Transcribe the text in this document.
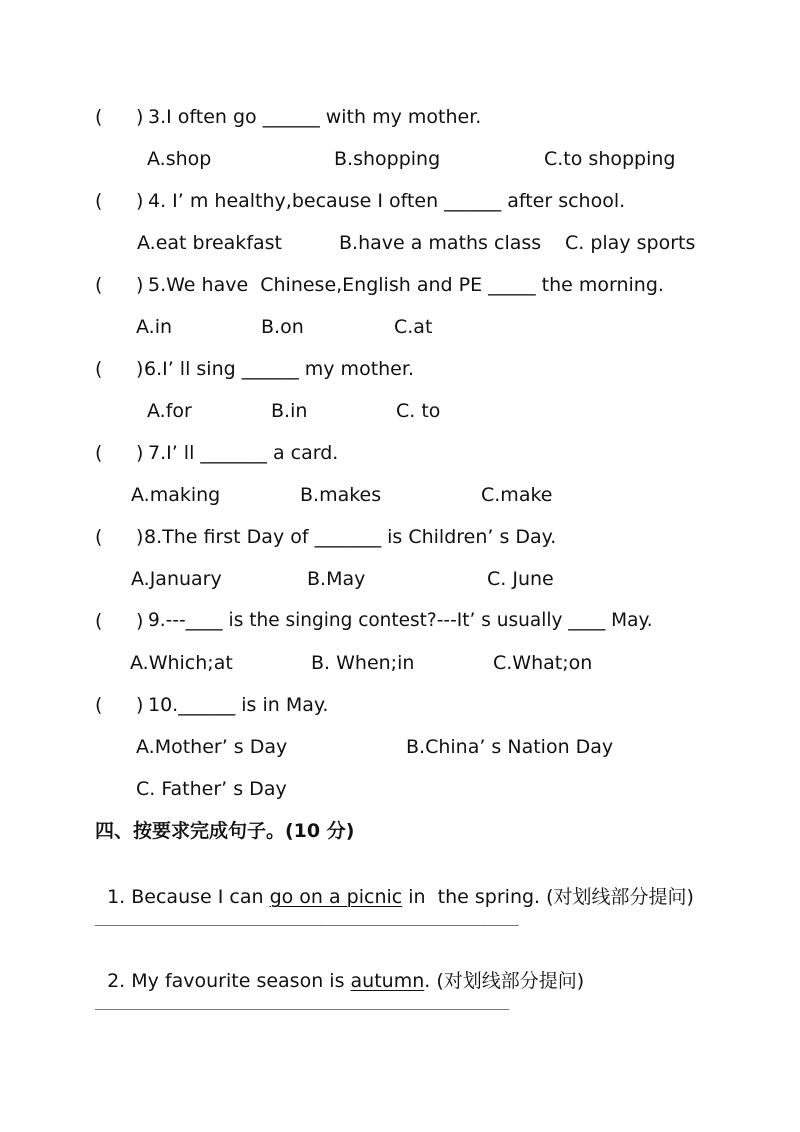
( ) 3.I often go ______ with my mother.
A.shop	B.shopping	C.to shopping
( ) 4. I’ m healthy,because I often ______ after school.
A.eat breakfast	B.have a maths class C. play sports
( ) 5.We have  Chinese,English and PE _____ the morning.
A.in	B.on	C.at
( ) 6.I’ ll sing ______ my mother.
A.for	B.in	C. to
( ) 7.I’ ll _______ a card.
A.making	B.makes	C.make
( ) 8.The first Day of _______ is Children’ s Day.
A.January	B.May	C. June
( ) 9.---____ is the singing contest?---It’ s usually ____ May.
A.Which;at	B. When;in	C.What;on
( ) 10.______ is in May.
A.Mother’ s Day	B.China’ s Nation Day
C. Father’ s Day
四、按要求完成句子。(10 分)

1. Because I can go on a picnic in  the spring. (对划线部分提问)

____________________________________________

2. My favourite season is autumn. (对划线部分提问)

___________________________________________
